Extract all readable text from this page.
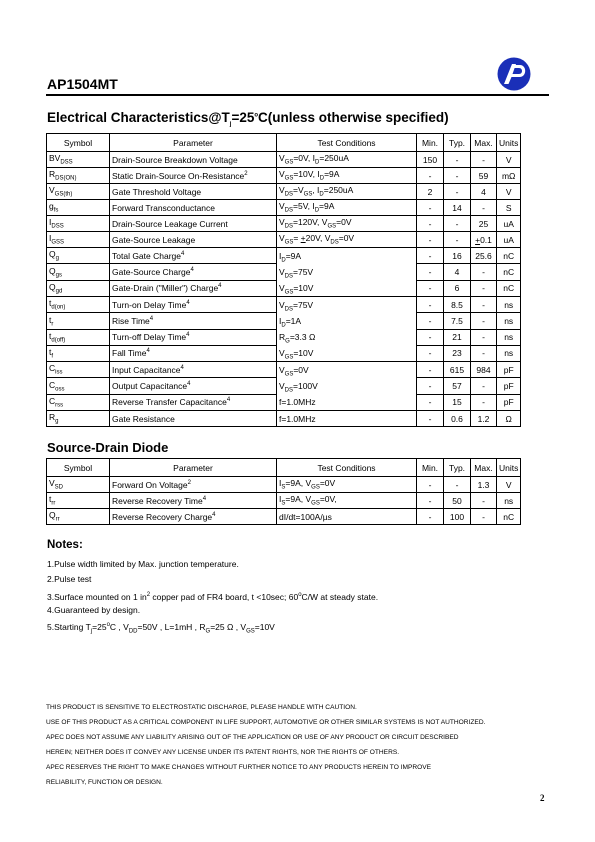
AP1504MT
Electrical $Characteristics@T_j=25^oC(unless$ otherwise specified)
Symbol	Parameter	Test Conditions	Min.	Typ.	Max.	Units
$BV_{DSS}$	Drain-Source Breakdown Voltage	$V_{GS}=0V$, $I_D=250uA$	150	-	-	V
$R_{DS(ON)}$	Static Drain-Source On-Resistance$^2$	$V_{GS}=10V$, $I_D=9A$	-	-	59	mΩ
$V_{GS(th)}$	Gate Threshold Voltage	$V_{DS}=V_{GS}$, $I_D=250uA$	2	-	4	V
$g_{fs}$	Forward Transconductance	$V_{DS}=5V$, $I_D=9A$	-	14	-	S
$I_{DSS}$	Drain-Source Leakage Current	$V_{DS}=120V$, $V_{GS}=0V$	-	-	25	uA
$I_{GSS}$	Gate-Source Leakage	$V_{GS}= +20V$, $V_{DS}=0V$	-	-	+0.1	uA
$Q_g$	Total Gate Charge$^4$	$I_D=9A$
$V_{DS}=75V$
$V_{GS}=10V$	-	16	25.6	nC
$Q_{gs}$	Gate-Source Charge$^4$		-	4	-	nC
$Q_{gd}$	Gate-Drain ("Miller") Charge$^4$		-	6	-	nC
$t_{d(on)}$	Turn-on Delay Time$^4$	$V_{DS}=75V$
$I_D=1A$
$R_G=3.3$ Ω
$V_{GS}=10V$	-	8.5	-	ns
$t_r$	Rise Time$^4$		-	7.5	-	ns
$t_{d(off)}$	Turn-off Delay Time$^4$		-	21	-	ns
$t_f$	Fall Time$^4$		-	23	-	ns
$C_{iss}$	Input Capacitance$^4$	$V_{GS}=0V$
$V_{DS}=100V$
f=1.0MHz	-	615	984	pF
$C_{oss}$	Output Capacitance$^4$		-	57	-	pF
$C_{rss}$	Reverse Transfer Capacitance$^4$		-	15	-	pF
$R_g$	Gate Resistance	f=1.0MHz	-	0.6	1.2	Ω
Source-Drain Diode
Symbol	Parameter	Test Conditions	Min.	Typ.	Max.	Units
$V_{SD}$	Forward On Voltage$^2$	$I_S=9A$, $V_{GS}=0V$	-	-	1.3	V
$t_{rr}$	Reverse Recovery Time$^4$	$I_S=9A$, $V_{GS}=0V$,	-	50	-	ns
$Q_{rr}$	Reverse Recovery Charge$^4$	dI/dt=100A/µs	-	100	-	nC
Notes:
1.Pulse width limited by Max. junction temperature.
2.Pulse test
3.Surface mounted on 1 $in^2$ copper pad of FR4 board, t <10sec; 60$^o$C/W at steady state.
4.Guaranteed by design.
5.Starting $T_j=25^oC$ , $V_{DD}=50V$ , L=1mH , $R_G=25$ Ω , $V_{GS}=10V$
THIS PRODUCT IS SENSITIVE TO ELECTROSTATIC DISCHARGE, PLEASE HANDLE WITH CAUTION.
USE OF THIS PRODUCT AS A CRITICAL COMPONENT IN LIFE SUPPORT, AUTOMOTIVE OR OTHER SIMILAR SYSTEMS IS NOT AUTHORIZED.
APEC DOES NOT ASSUME ANY LIABILITY ARISING OUT OF THE APPLICATION OR USE OF ANY PRODUCT OR CIRCUIT DESCRIBED
HEREIN; NEITHER DOES IT CONVEY ANY LICENSE UNDER ITS PATENT RIGHTS, NOR THE RIGHTS OF OTHERS.
APEC RESERVES THE RIGHT TO MAKE CHANGES WITHOUT FURTHER NOTICE TO ANY PRODUCTS HEREIN TO IMPROVE
RELIABILITY, FUNCTION OR DESIGN.
2
